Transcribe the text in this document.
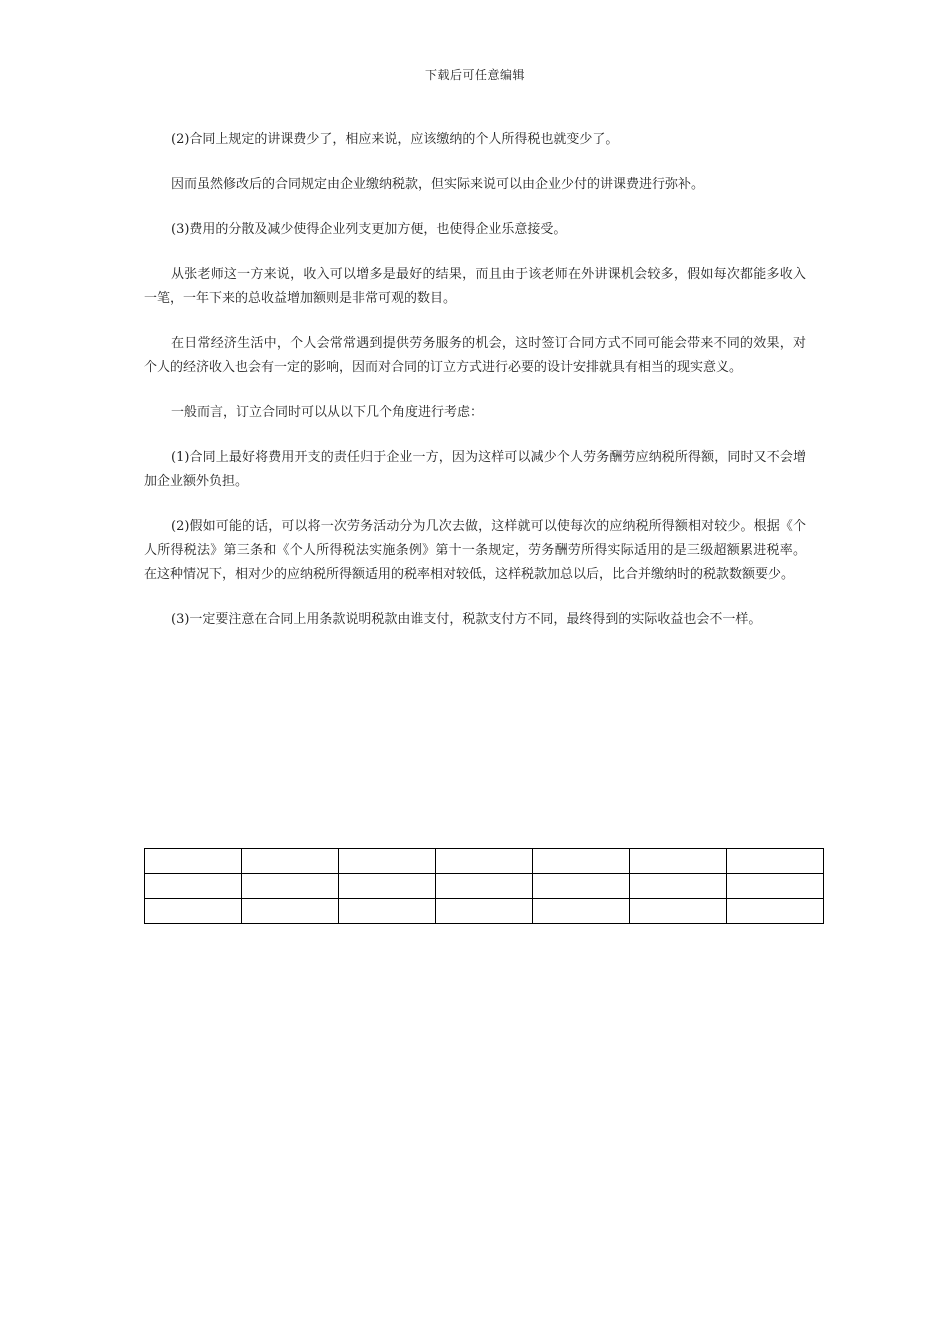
下载后可任意编辑

(2)合同上规定的讲课费少了，相应来说，应该缴纳的个人所得税也就变少了。

因而虽然修改后的合同规定由企业缴纳税款，但实际来说可以由企业少付的讲课费进行弥补。

(3)费用的分散及减少使得企业列支更加方便，也使得企业乐意接受。

从张老师这一方来说，收入可以增多是最好的结果，而且由于该老师在外讲课机会较多，假如每次都能多收入一笔，一年下来的总收益增加额则是非常可观的数目。

在日常经济生活中，个人会常常遇到提供劳务服务的机会，这时签订合同方式不同可能会带来不同的效果，对个人的经济收入也会有一定的影响，因而对合同的订立方式进行必要的设计安排就具有相当的现实意义。

一般而言，订立合同时可以从以下几个角度进行考虑：

(1)合同上最好将费用开支的责任归于企业一方，因为这样可以减少个人劳务酬劳应纳税所得额，同时又不会增加企业额外负担。

(2)假如可能的话，可以将一次劳务活动分为几次去做，这样就可以使每次的应纳税所得额相对较少。根据《个人所得税法》第三条和《个人所得税法实施条例》第十一条规定，劳务酬劳所得实际适用的是三级超额累进税率。在这种情况下，相对少的应纳税所得额适用的税率相对较低，这样税款加总以后，比合并缴纳时的税款数额要少。

(3)一定要注意在合同上用条款说明税款由谁支付，税款支付方不同，最终得到的实际收益也会不一样。
